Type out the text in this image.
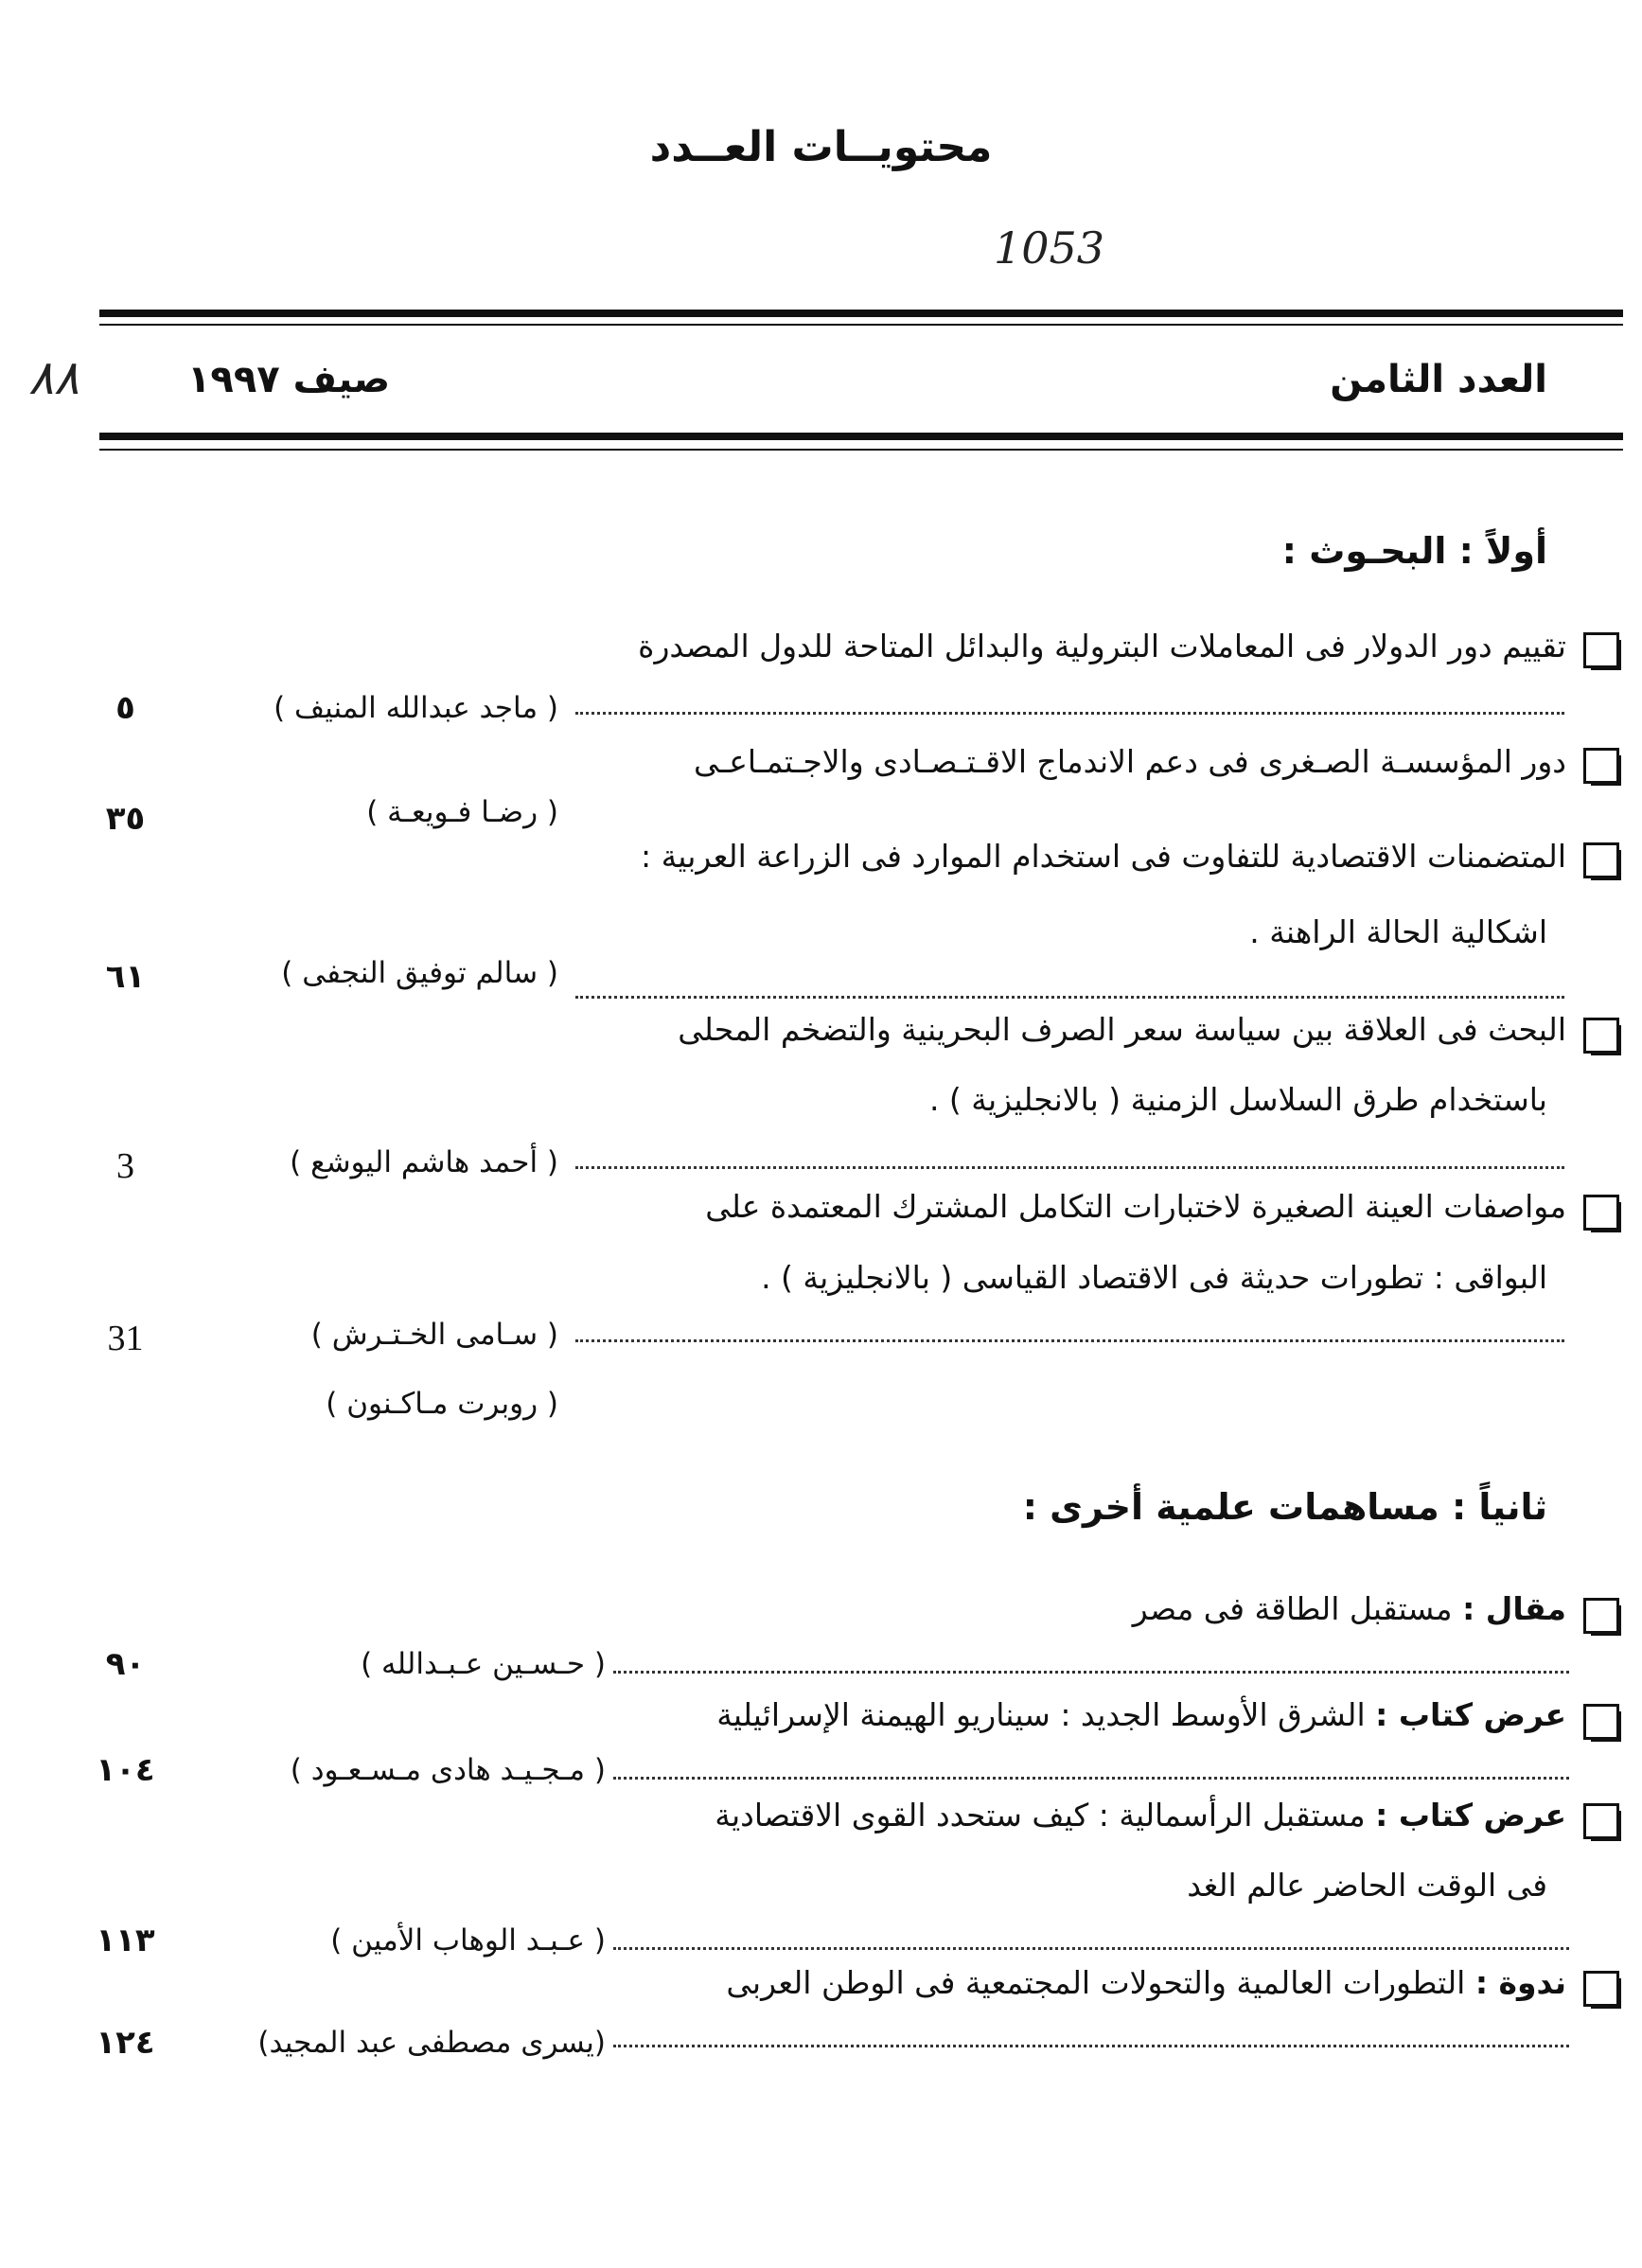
محتويــات العــدد
1053
٨٨	العدد الثامن
صيف ١٩٩٧
أولاً : البحـوث :
تقييم دور الدولار فى المعاملات البترولية والبدائل المتاحة للدول المصدرة
( ماجد عبدالله المنيف )
٥
دور المؤسسـة الصـغرى فى دعم الاندماج الاقـتـصـادى والاجـتمـاعـى
( رضـا فـويعـة )
٣٥
المتضمنات الاقتصادية للتفاوت فى استخدام الموارد فى الزراعة العربية :
اشكالية الحالة الراهنة .
( سالم توفيق النجفى )
٦١
البحث فى العلاقة بين سياسة سعر الصرف البحرينية والتضخم المحلى
باستخدام طرق السلاسل الزمنية ( بالانجليزية ) .
( أحمد هاشم اليوشع )
3
مواصفات العينة الصغيرة لاختبارات التكامل المشترك المعتمدة على
البواقى : تطورات حديثة فى الاقتصاد القياسى ( بالانجليزية ) .
( سـامى الخـتـرش )
( روبرت مـاكـنون )
31
ثانياً : مساهمات علمية أخرى :
مقال : مستقبل الطاقة فى مصر
( حـسـين عـبـدالله )
٩٠
عرض كتاب : الشرق الأوسط الجديد : سيناريو الهيمنة الإسرائيلية
( مـجـيـد هادى مـسـعـود )
١٠٤
عرض كتاب : مستقبل الرأسمالية : كيف ستحدد القوى الاقتصادية
فى الوقت الحاضر عالم الغد
( عـبـد الوهاب الأمين )
١١٣
ندوة : التطورات العالمية والتحولات المجتمعية فى الوطن العربى
(يسرى مصطفى عبد المجيد)
١٢٤
